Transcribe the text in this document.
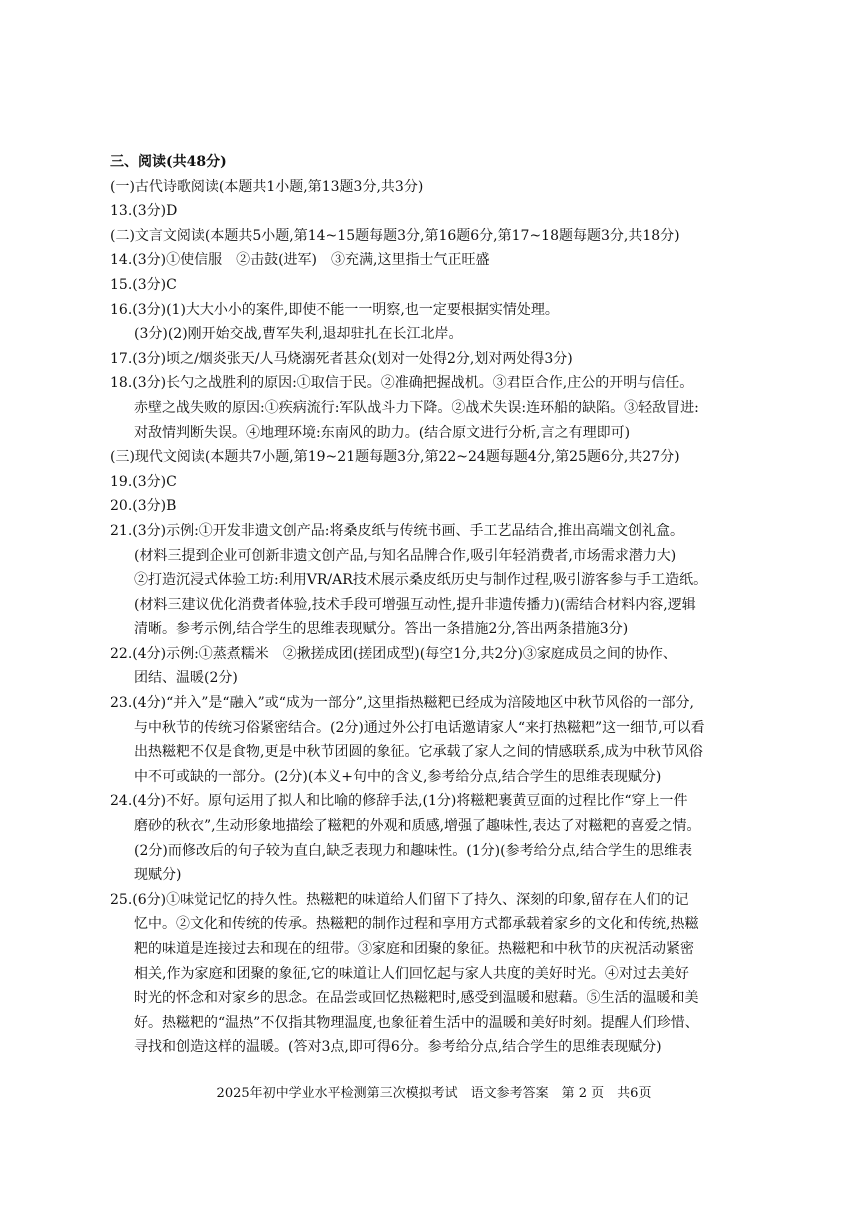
三、阅读(共48分)
(一)古代诗歌阅读(本题共1小题,第13题3分,共3分)
13.(3分)D
(二)文言文阅读(本题共5小题,第14~15题每题3分,第16题6分,第17~18题每题3分,共18分)
14.(3分)①使信服　②击鼓(进军)　③充满,这里指士气正旺盛
15.(3分)C
16.(3分)(1)大大小小的案件,即使不能一一明察,也一定要根据实情处理。
(3分)(2)刚开始交战,曹军失利,退却驻扎在长江北岸。
17.(3分)顷之/烟炎张天/人马烧溺死者甚众(划对一处得2分,划对两处得3分)
18.(3分)长勺之战胜利的原因:①取信于民。②准确把握战机。③君臣合作,庄公的开明与信任。
赤壁之战失败的原因:①疾病流行:军队战斗力下降。②战术失误:连环船的缺陷。③轻敌冒进:
对敌情判断失误。④地理环境:东南风的助力。(结合原文进行分析,言之有理即可)
(三)现代文阅读(本题共7小题,第19~21题每题3分,第22~24题每题4分,第25题6分,共27分)
19.(3分)C
20.(3分)B
21.(3分)示例:①开发非遗文创产品:将桑皮纸与传统书画、手工艺品结合,推出高端文创礼盒。
(材料三提到企业可创新非遗文创产品,与知名品牌合作,吸引年轻消费者,市场需求潜力大)
②打造沉浸式体验工坊:利用VR/AR技术展示桑皮纸历史与制作过程,吸引游客参与手工造纸。
(材料三建议优化消费者体验,技术手段可增强互动性,提升非遗传播力)(需结合材料内容,逻辑
清晰。参考示例,结合学生的思维表现赋分。答出一条措施2分,答出两条措施3分)
22.(4分)示例:①蒸煮糯米　②揪搓成团(搓团成型)(每空1分,共2分)③家庭成员之间的协作、
团结、温暖(2分)
23.(4分)“并入”是“融入”或“成为一部分”,这里指热糍粑已经成为涪陵地区中秋节风俗的一部分,
与中秋节的传统习俗紧密结合。(2分)通过外公打电话邀请家人“来打热糍粑”这一细节,可以看
出热糍粑不仅是食物,更是中秋节团圆的象征。它承载了家人之间的情感联系,成为中秋节风俗
中不可或缺的一部分。(2分)(本义+句中的含义,参考给分点,结合学生的思维表现赋分)
24.(4分)不好。原句运用了拟人和比喻的修辞手法,(1分)将糍粑裹黄豆面的过程比作“穿上一件
磨砂的秋衣”,生动形象地描绘了糍粑的外观和质感,增强了趣味性,表达了对糍粑的喜爱之情。
(2分)而修改后的句子较为直白,缺乏表现力和趣味性。(1分)(参考给分点,结合学生的思维表
现赋分)
25.(6分)①味觉记忆的持久性。热糍粑的味道给人们留下了持久、深刻的印象,留存在人们的记
忆中。②文化和传统的传承。热糍粑的制作过程和享用方式都承载着家乡的文化和传统,热糍
粑的味道是连接过去和现在的纽带。③家庭和团聚的象征。热糍粑和中秋节的庆祝活动紧密
相关,作为家庭和团聚的象征,它的味道让人们回忆起与家人共度的美好时光。④对过去美好
时光的怀念和对家乡的思念。在品尝或回忆热糍粑时,感受到温暖和慰藉。⑤生活的温暖和美
好。热糍粑的“温热”不仅指其物理温度,也象征着生活中的温暖和美好时刻。提醒人们珍惜、
寻找和创造这样的温暖。(答对3点,即可得6分。参考给分点,结合学生的思维表现赋分)
2025年初中学业水平检测第三次模拟考试　语文参考答案　第 2 页　共6页
